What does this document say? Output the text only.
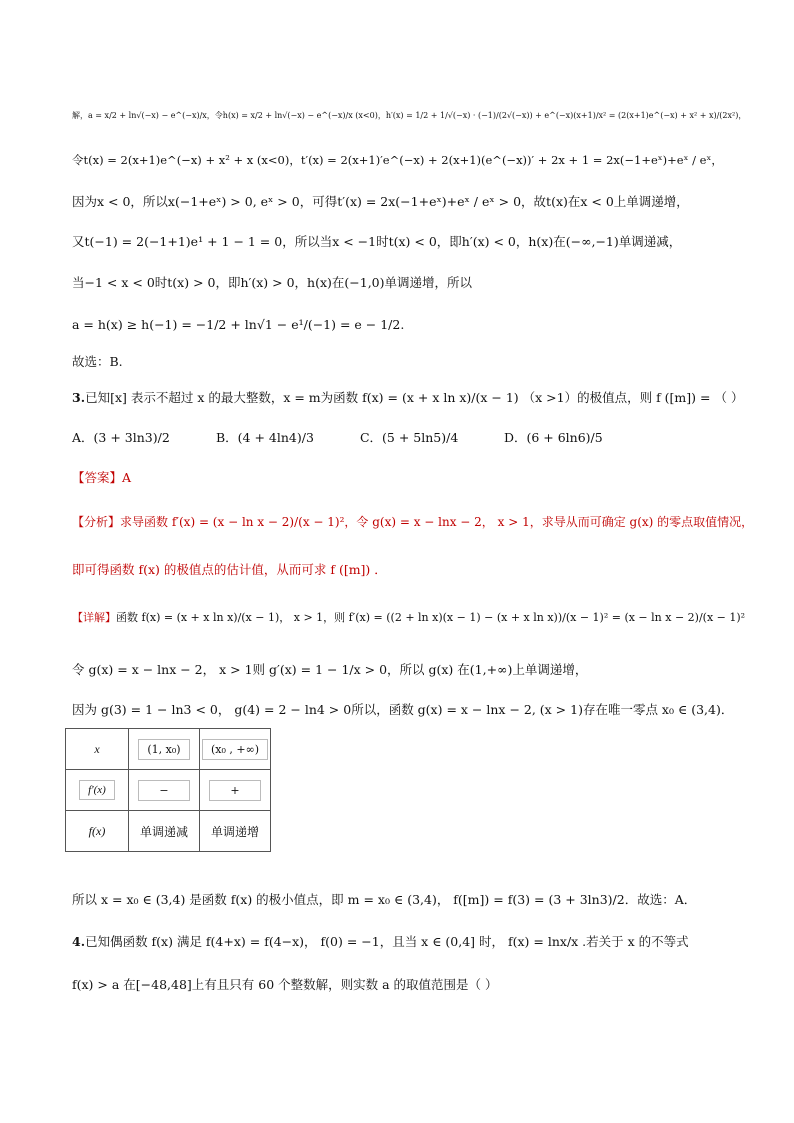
解，a = x/2 + ln√(−x) − e^(−x)/x，令h(x) = x/2 + ln√(−x) − e^(−x)/x (x<0)，h′(x) = 1/2 + 1/√(−x) · (−1)/(2√(−x)) + e^(−x)(x+1)/x² = (2(x+1)e^(−x) + x² + x)/(2x²)，
令t(x) = 2(x+1)e^(−x) + x² + x (x<0)，t′(x) = 2(x+1)′e^(−x) + 2(x+1)(e^(−x))′ + 2x + 1 = 2x(−1+eˣ)+eˣ / eˣ，
因为x < 0，所以x(−1+eˣ) > 0, eˣ > 0，可得t′(x) = 2x(−1+eˣ)+eˣ / eˣ > 0，故t(x)在x < 0上单调递增，
又t(−1) = 2(−1+1)e¹ + 1 − 1 = 0，所以当x < −1时t(x) < 0，即h′(x) < 0，h(x)在(−∞,−1)单调递减，
当−1 < x < 0时t(x) > 0，即h′(x) > 0，h(x)在(−1,0)单调递增，所以
a = h(x) ≥ h(−1) = −1/2 + ln√1 − e¹/(−1) = e − 1/2.
故选：B.
3.已知[x] 表示不超过 x 的最大整数，x = m为函数 f(x) = (x + x ln x)/(x − 1) （x >1）的极值点，则 f ([m]) = （ ）
A．(3 + 3ln3)/2	B．(4 + 4ln4)/3	C．(5 + 5ln5)/4	D．(6 + 6ln6)/5
【答案】A
【分析】求导函数 f′(x) = (x − ln x − 2)/(x − 1)²，令 g(x) = x − lnx − 2， x > 1，求导从而可确定 g(x) 的零点取值情况，
即可得函数 f(x) 的极值点的估计值，从而可求 f ([m]) ．
【详解】函数 f(x) = (x + x ln x)/(x − 1)， x > 1，则 f′(x) = ((2 + ln x)(x − 1) − (x + x ln x))/(x − 1)² = (x − ln x − 2)/(x − 1)²
令 g(x) = x − lnx − 2， x > 1则 g′(x) = 1 − 1/x > 0，所以 g(x) 在(1,+∞)上单调递增，
因为 g(3) = 1 − ln3 < 0， g(4) = 2 − ln4 > 0所以，函数 g(x) = x − lnx − 2, (x > 1)存在唯一零点 x₀ ∈ (3,4)．
x	(1, x₀)	(x₀ , +∞)
f′(x)	−	+
f(x)	单调递减	单调递增
所以 x = x₀ ∈ (3,4) 是函数 f(x) 的极小值点，即 m = x₀ ∈ (3,4)， f([m]) = f(3) = (3 + 3ln3)/2．故选：A．
4.已知偶函数 f(x) 满足 f(4+x) = f(4−x)， f(0) = −1，且当 x ∈ (0,4] 时， f(x) = lnx/x .若关于 x 的不等式
f(x) > a 在[−48,48]上有且只有 60 个整数解，则实数 a 的取值范围是（ ）
